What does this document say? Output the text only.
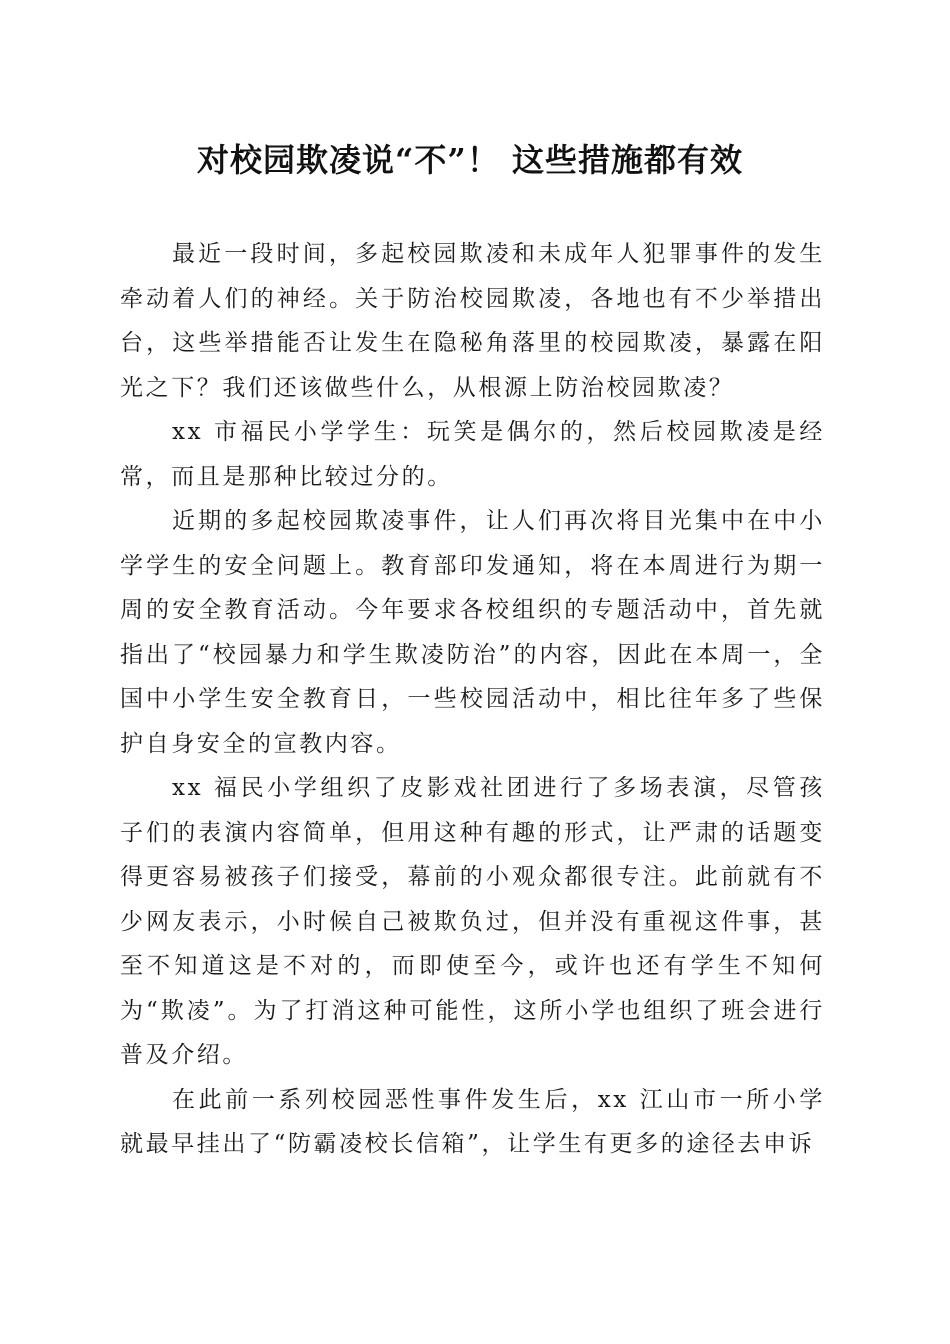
对校园欺凌说“不”！ 这些措施都有效

最近一段时间，多起校园欺凌和未成年人犯罪事件的发生牵动着人们的神经。关于防治校园欺凌，各地也有不少举措出台，这些举措能否让发生在隐秘角落里的校园欺凌，暴露在阳光之下？我们还该做些什么，从根源上防治校园欺凌？

xx 市福民小学学生：玩笑是偶尔的，然后校园欺凌是经常，而且是那种比较过分的。

近期的多起校园欺凌事件，让人们再次将目光集中在中小学学生的安全问题上。教育部印发通知，将在本周进行为期一周的安全教育活动。今年要求各校组织的专题活动中，首先就指出了“校园暴力和学生欺凌防治”的内容，因此在本周一，全国中小学生安全教育日，一些校园活动中，相比往年多了些保护自身安全的宣教内容。

xx 福民小学组织了皮影戏社团进行了多场表演，尽管孩子们的表演内容简单，但用这种有趣的形式，让严肃的话题变得更容易被孩子们接受，幕前的小观众都很专注。此前就有不少网友表示，小时候自己被欺负过，但并没有重视这件事，甚至不知道这是不对的，而即使至今，或许也还有学生不知何为“欺凌”。为了打消这种可能性，这所小学也组织了班会进行普及介绍。

在此前一系列校园恶性事件发生后，xx 江山市一所小学就最早挂出了“防霸凌校长信箱”，让学生有更多的途径去申诉
